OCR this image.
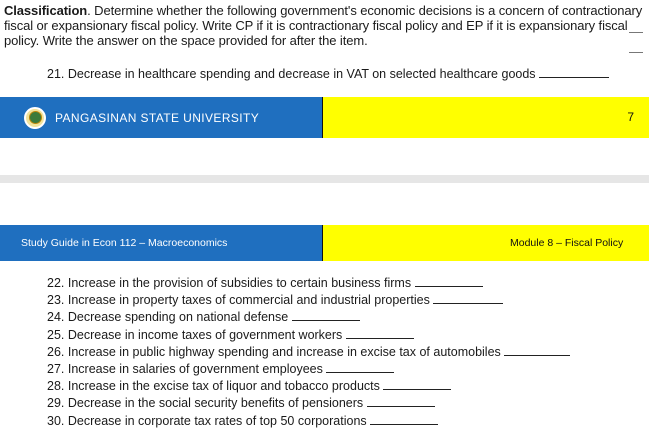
Classification. Determine whether the following government's economic decisions is a concern of contractionary fiscal or expansionary fiscal policy. Write CP if it is contractionary fiscal policy and EP if it is expansionary fiscal policy. Write the answer on the space provided for after the item.
21. Decrease in healthcare spending and decrease in VAT on selected healthcare goods
PANGASINAN STATE UNIVERSITY	7
Study Guide in Econ 112 – Macroeconomics	Module 8 – Fiscal Policy
22. Increase in the provision of subsidies to certain business firms
23. Increase in property taxes of commercial and industrial properties
24. Decrease spending on national defense
25. Decrease in income taxes of government workers
26. Increase in public highway spending and increase in excise tax of automobiles
27. Increase in salaries of government employees
28. Increase in the excise tax of liquor and tobacco products
29. Decrease in the social security benefits of pensioners
30. Decrease in corporate tax rates of top 50 corporations
